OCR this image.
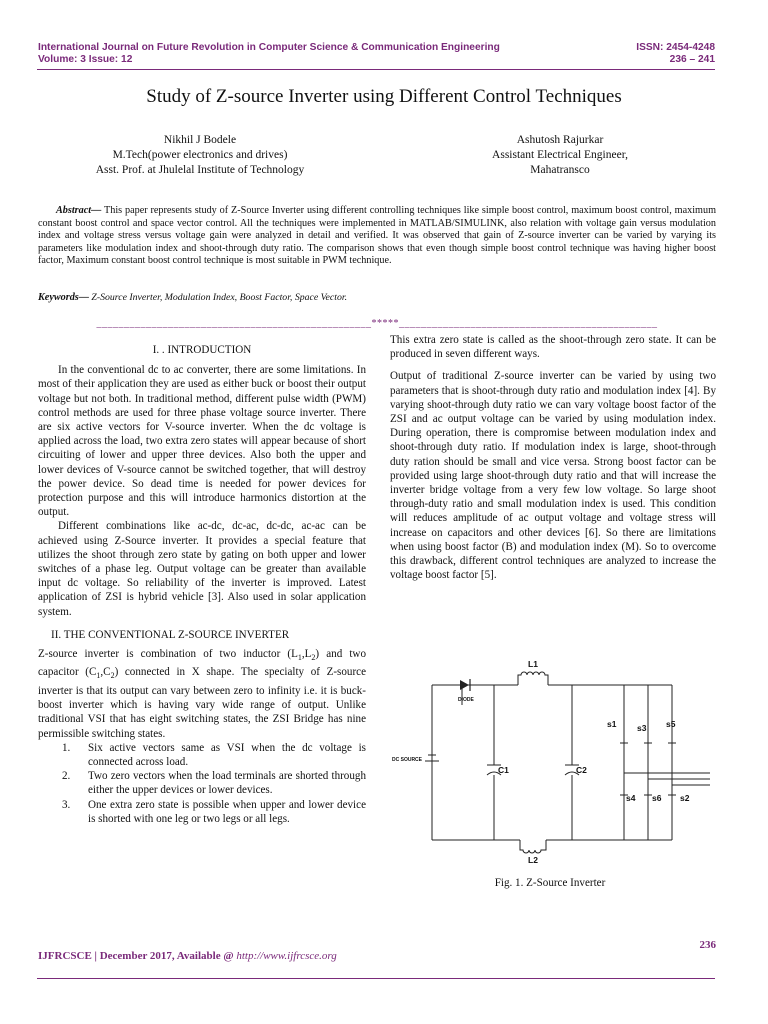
International Journal on Future Revolution in Computer Science & Communication Engineering
Volume: 3 Issue: 12
ISSN: 2454-4248
236 – 241
Study of Z-source Inverter using Different Control Techniques
Nikhil J Bodele
M.Tech(power electronics and drives)
Asst. Prof. at Jhulelal Institute of Technology
Ashutosh Rajurkar
Assistant Electrical Engineer,
Mahatransco
Abstract— This paper represents study of Z-Source Inverter using different controlling techniques like simple boost control, maximum boost control, maximum constant boost control and space vector control. All the techniques were implemented in MATLAB/SIMULINK, also relation with voltage gain versus modulation index and voltage stress versus voltage gain were analyzed in detail and verified. It was observed that gain of Z-source inverter can be varied by varying its parameters like modulation index and shoot-through duty ratio. The comparison shows that even though simple boost control technique was having higher boost factor, Maximum constant boost control technique is most suitable in PWM technique.
Keywords— Z-Source Inverter, Modulation Index, Boost Factor, Space Vector.
__________________________________________________*****_______________________________________________

I. . INTRODUCTION

In the conventional dc to ac converter, there are some limitations. In most of their application they are used as either buck or boost their output voltage but not both. In traditional method, different pulse width (PWM) control methods are used for three phase voltage source inverter. There are six active vectors for V-source inverter. When the dc voltage is applied across the load, two extra zero states will appear because of short circuiting of lower and upper three devices. Also both the upper and lower devices of V-source cannot be switched together, that will destroy the power device. So dead time is needed for power devices for protection purpose and this will introduce harmonics distortion at the output.

Different combinations like ac-dc, dc-ac, dc-dc, ac-ac can be achieved using Z-Source inverter. It provides a special feature that utilizes the shoot through zero state by gating on both upper and lower switches of a phase leg. Output voltage can be greater than available input dc voltage. So reliability of the inverter is improved. Latest application of ZSI is hybrid vehicle [3]. Also used in solar application system.

II. THE CONVENTIONAL Z-SOURCE INVERTER

Z-source inverter is combination of two inductor $(L_1,L_2)$ and two capacitor $(C_1,C_2)$ connected in X shape. The specialty of Z-source inverter is that its output can vary between zero to infinity i.e. it is buck-boost inverter which is having vary wide range of output. Unlike traditional VSI that has eight switching states, the ZSI Bridge has nine permissible switching states.

1. Six active vectors same as VSI when the dc voltage is connected across load.
2. Two zero vectors when the load terminals are shorted through either the upper devices or lower devices.
3. One extra zero state is possible when upper and lower device is shorted with one leg or two legs or all legs.

This extra zero state is called as the shoot-through zero state. It can be produced in seven different ways.

Output of traditional Z-source inverter can be varied by using two parameters that is shoot-through duty ratio and modulation index [4]. By varying shoot-through duty ratio we can vary voltage boost factor of the ZSI and ac output voltage can be varied by using modulation index. During operation, there is compromise between modulation index and shoot-through duty ratio. If modulation index is large, shoot-through duty ration should be small and vice versa. Strong boost factor can be provided using large shoot-through duty ratio and that will increase the inverter bridge voltage from a very few low voltage. So large shoot through-duty ratio and small modulation index is used. This condition will reduces amplitude of ac output voltage and voltage stress will increase on capacitors and other devices [6]. So there are limitations when using boost factor (B) and modulation index (M). So to overcome this drawback, different control techniques are analyzed to increase the voltage boost factor [5].

L1
L2
DIODE
DC SOURCE
C1	C2
s1 s3 s5
s4 s6 s2
Fig. 1. Z-Source Inverter
236
IJFRCSCE | December 2017, Available @ http://www.ijfrcsce.org
